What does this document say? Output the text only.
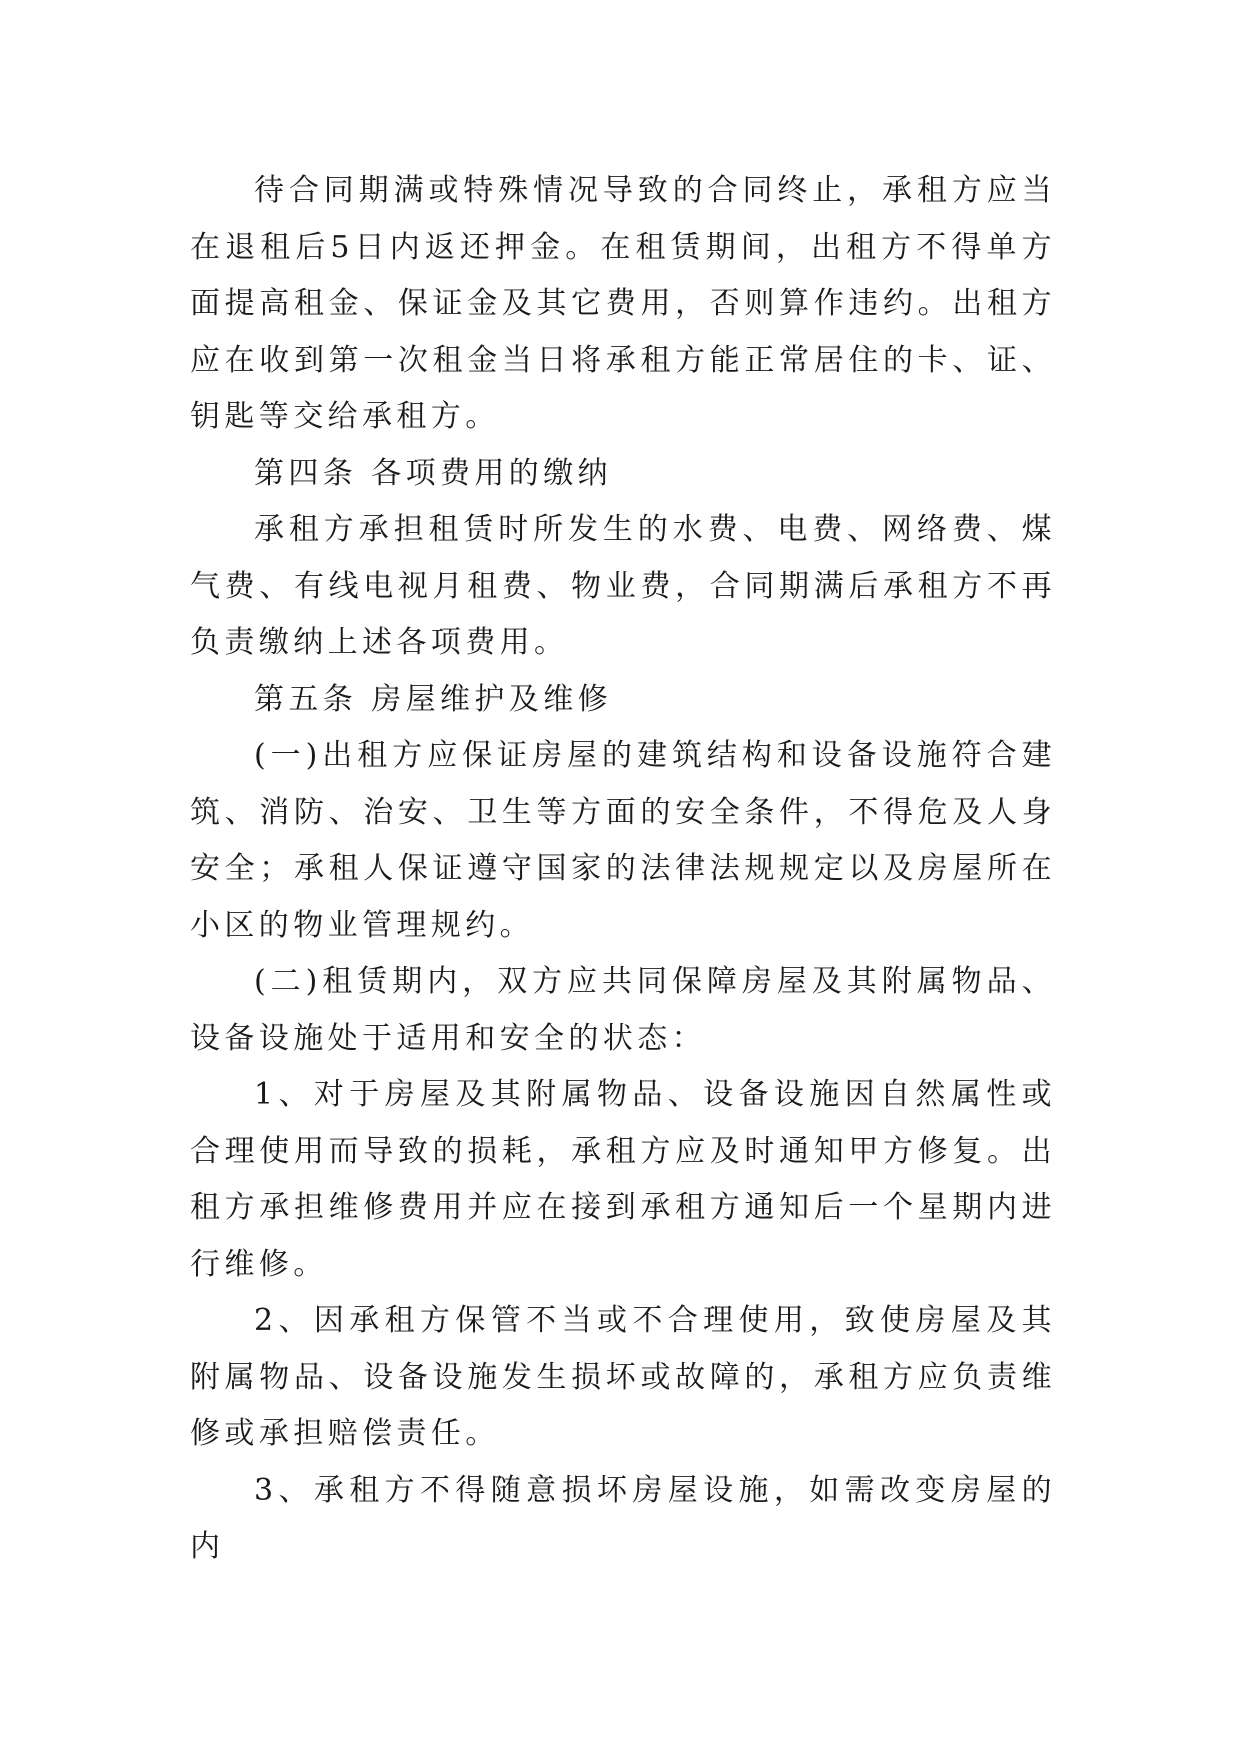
待合同期满或特殊情况导致的合同终止，承租方应当在退租后5日内返还押金。在租赁期间，出租方不得单方面提高租金、保证金及其它费用，否则算作违约。出租方应在收到第一次租金当日将承租方能正常居住的卡、证、钥匙等交给承租方。

第四条 各项费用的缴纳

承租方承担租赁时所发生的水费、电费、网络费、煤气费、有线电视月租费、物业费，合同期满后承租方不再负责缴纳上述各项费用。

第五条 房屋维护及维修

(一)出租方应保证房屋的建筑结构和设备设施符合建筑、消防、治安、卫生等方面的安全条件，不得危及人身安全；承租人保证遵守国家的法律法规规定以及房屋所在小区的物业管理规约。

(二)租赁期内，双方应共同保障房屋及其附属物品、设备设施处于适用和安全的状态：

1、对于房屋及其附属物品、设备设施因自然属性或合理使用而导致的损耗，承租方应及时通知甲方修复。出租方承担维修费用并应在接到承租方通知后一个星期内进行维修。

2、因承租方保管不当或不合理使用，致使房屋及其附属物品、设备设施发生损坏或故障的，承租方应负责维修或承担赔偿责任。

3、承租方不得随意损坏房屋设施，如需改变房屋的内
